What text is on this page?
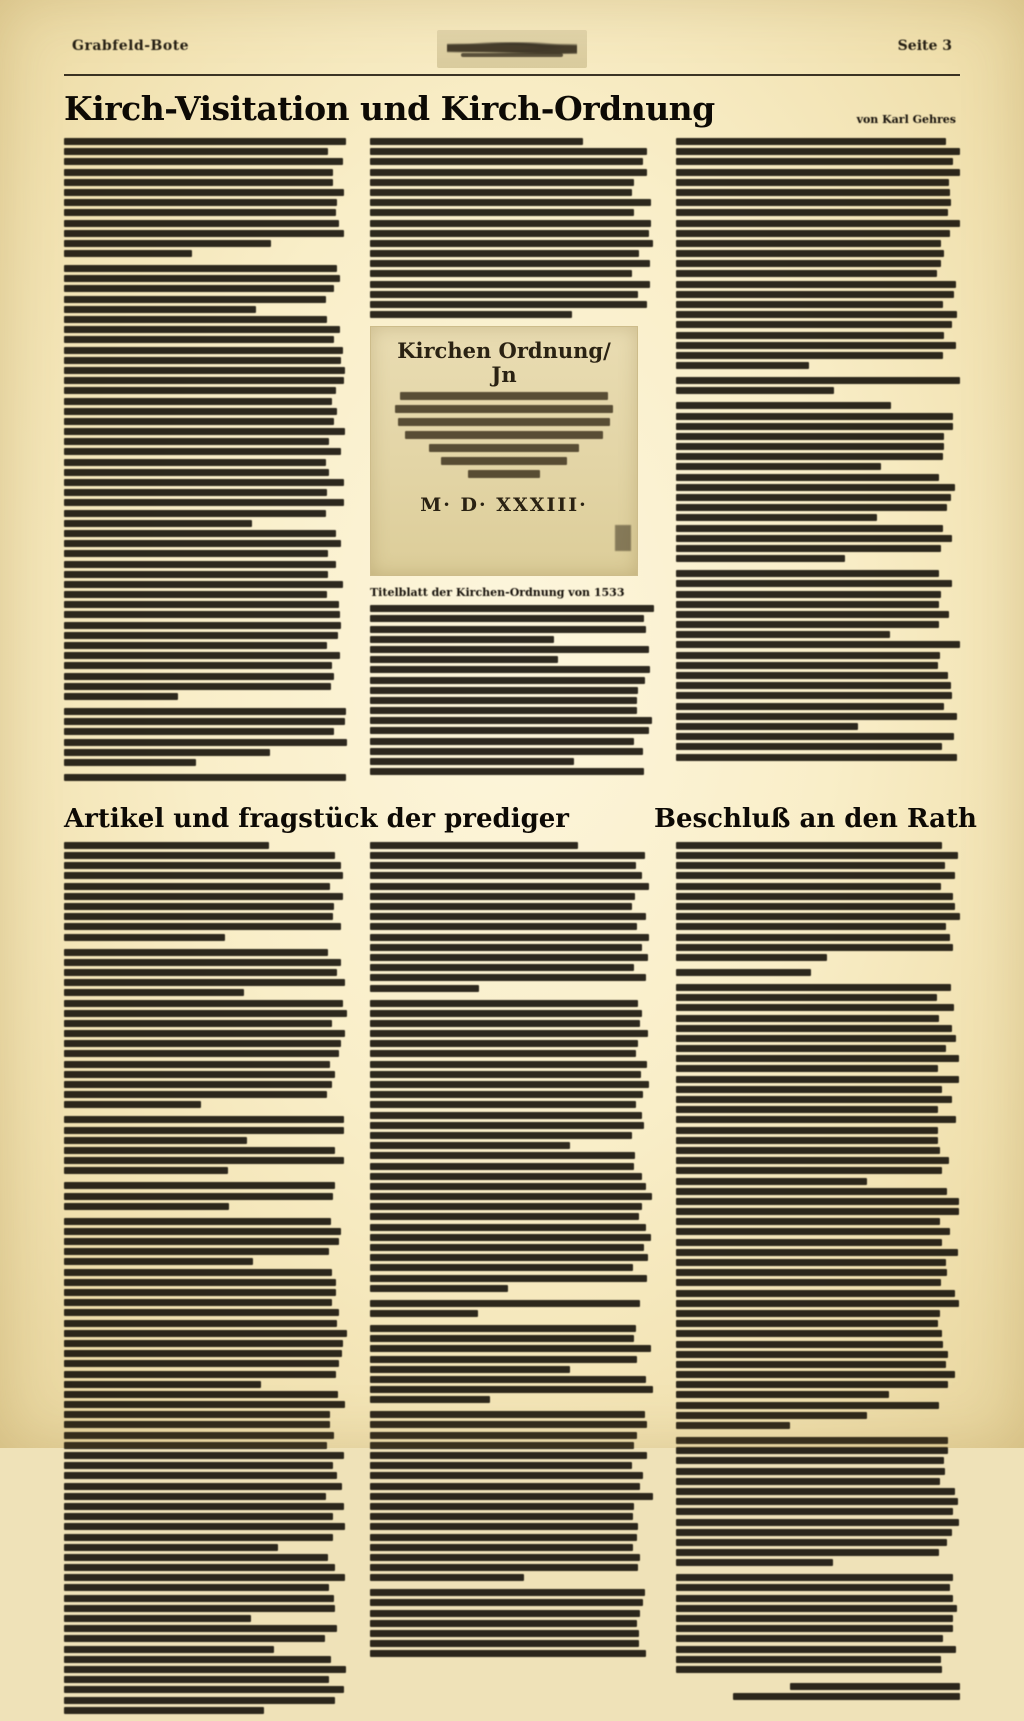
Grabfeld-Bote	Seite 3
Kirch-Visitation und Kirch-Ordnung	von Karl Gehres
Kirchen Ordnung/ Jn
M· D· XXXIII·
Titelblatt der Kirchen-Ordnung von 1533
Artikel und fragstück der prediger	Beschluß an den Rath
